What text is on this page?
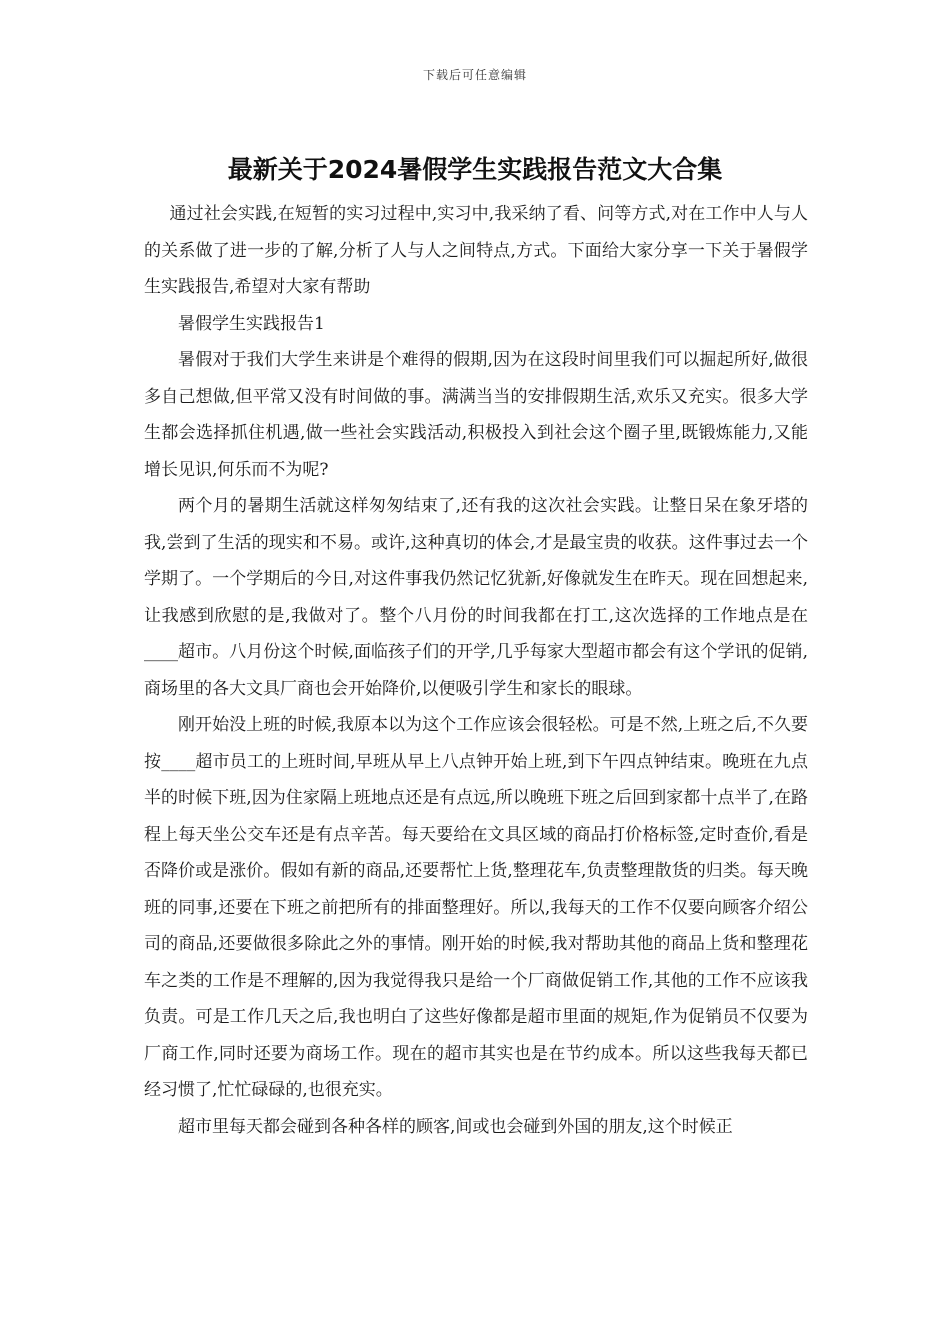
下载后可任意编辑
最新关于2024暑假学生实践报告范文大合集

通过社会实践,在短暂的实习过程中,实习中,我采纳了看、问等方式,对在工作中人与人的关系做了进一步的了解,分析了人与人之间特点,方式。下面给大家分享一下关于暑假学生实践报告,希望对大家有帮助

暑假学生实践报告1

暑假对于我们大学生来讲是个难得的假期,因为在这段时间里我们可以掘起所好,做很多自己想做,但平常又没有时间做的事。满满当当的安排假期生活,欢乐又充实。很多大学生都会选择抓住机遇,做一些社会实践活动,积极投入到社会这个圈子里,既锻炼能力,又能增长见识,何乐而不为呢?

两个月的暑期生活就这样匆匆结束了,还有我的这次社会实践。让整日呆在象牙塔的我,尝到了生活的现实和不易。或许,这种真切的体会,才是最宝贵的收获。这件事过去一个学期了。一个学期后的今日,对这件事我仍然记忆犹新,好像就发生在昨天。现在回想起来,让我感到欣慰的是,我做对了。整个八月份的时间我都在打工,这次选择的工作地点是在____超市。八月份这个时候,面临孩子们的开学,几乎每家大型超市都会有这个学讯的促销,商场里的各大文具厂商也会开始降价,以便吸引学生和家长的眼球。

刚开始没上班的时候,我原本以为这个工作应该会很轻松。可是不然,上班之后,不久要按____超市员工的上班时间,早班从早上八点钟开始上班,到下午四点钟结束。晚班在九点半的时候下班,因为住家隔上班地点还是有点远,所以晚班下班之后回到家都十点半了,在路程上每天坐公交车还是有点辛苦。每天要给在文具区域的商品打价格标签,定时查价,看是否降价或是涨价。假如有新的商品,还要帮忙上货,整理花车,负责整理散货的归类。每天晚班的同事,还要在下班之前把所有的排面整理好。所以,我每天的工作不仅要向顾客介绍公司的商品,还要做很多除此之外的事情。刚开始的时候,我对帮助其他的商品上货和整理花车之类的工作是不理解的,因为我觉得我只是给一个厂商做促销工作,其他的工作不应该我负责。可是工作几天之后,我也明白了这些好像都是超市里面的规矩,作为促销员不仅要为厂商工作,同时还要为商场工作。现在的超市其实也是在节约成本。所以这些我每天都已经习惯了,忙忙碌碌的,也很充实。

超市里每天都会碰到各种各样的顾客,间或也会碰到外国的朋友,这个时候正
